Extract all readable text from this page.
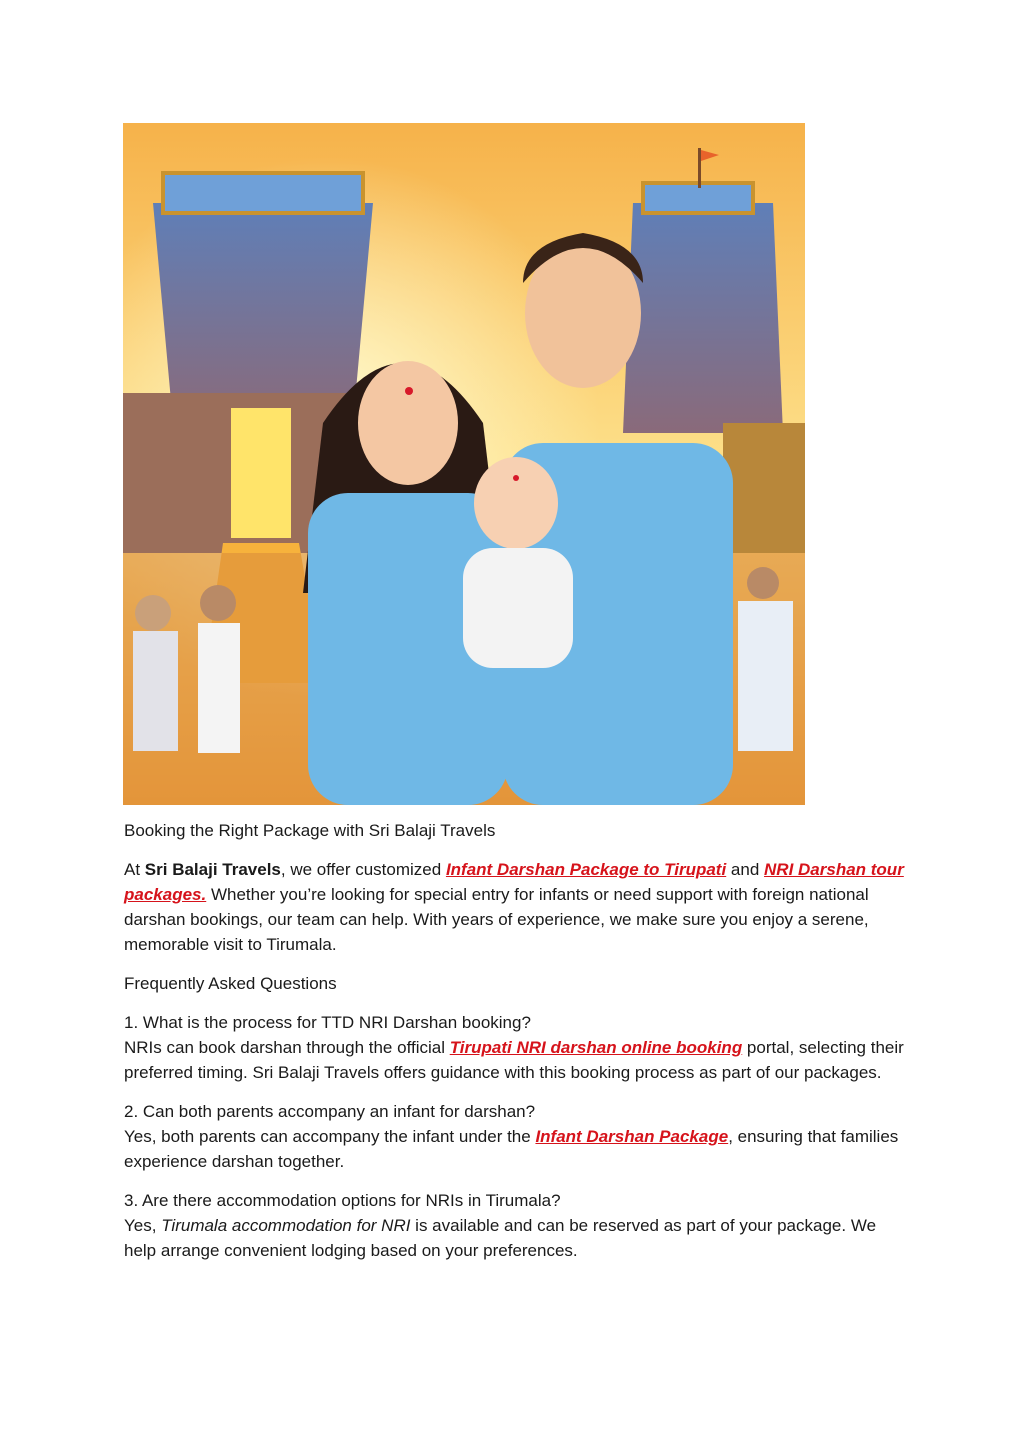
Booking the Right Package with Sri Balaji Travels

At Sri Balaji Travels, we offer customized Infant Darshan Package to Tirupati and NRI Darshan tour packages. Whether you’re looking for special entry for infants or need support with foreign national darshan bookings, our team can help. With years of experience, we make sure you enjoy a serene, memorable visit to Tirumala.

Frequently Asked Questions

1. What is the process for TTD NRI Darshan booking?
NRIs can book darshan through the official Tirupati NRI darshan online booking portal, selecting their preferred timing. Sri Balaji Travels offers guidance with this booking process as part of our packages.

2. Can both parents accompany an infant for darshan?
Yes, both parents can accompany the infant under the Infant Darshan Package, ensuring that families experience darshan together.

3. Are there accommodation options for NRIs in Tirumala?
Yes, Tirumala accommodation for NRI is available and can be reserved as part of your package. We help arrange convenient lodging based on your preferences.
